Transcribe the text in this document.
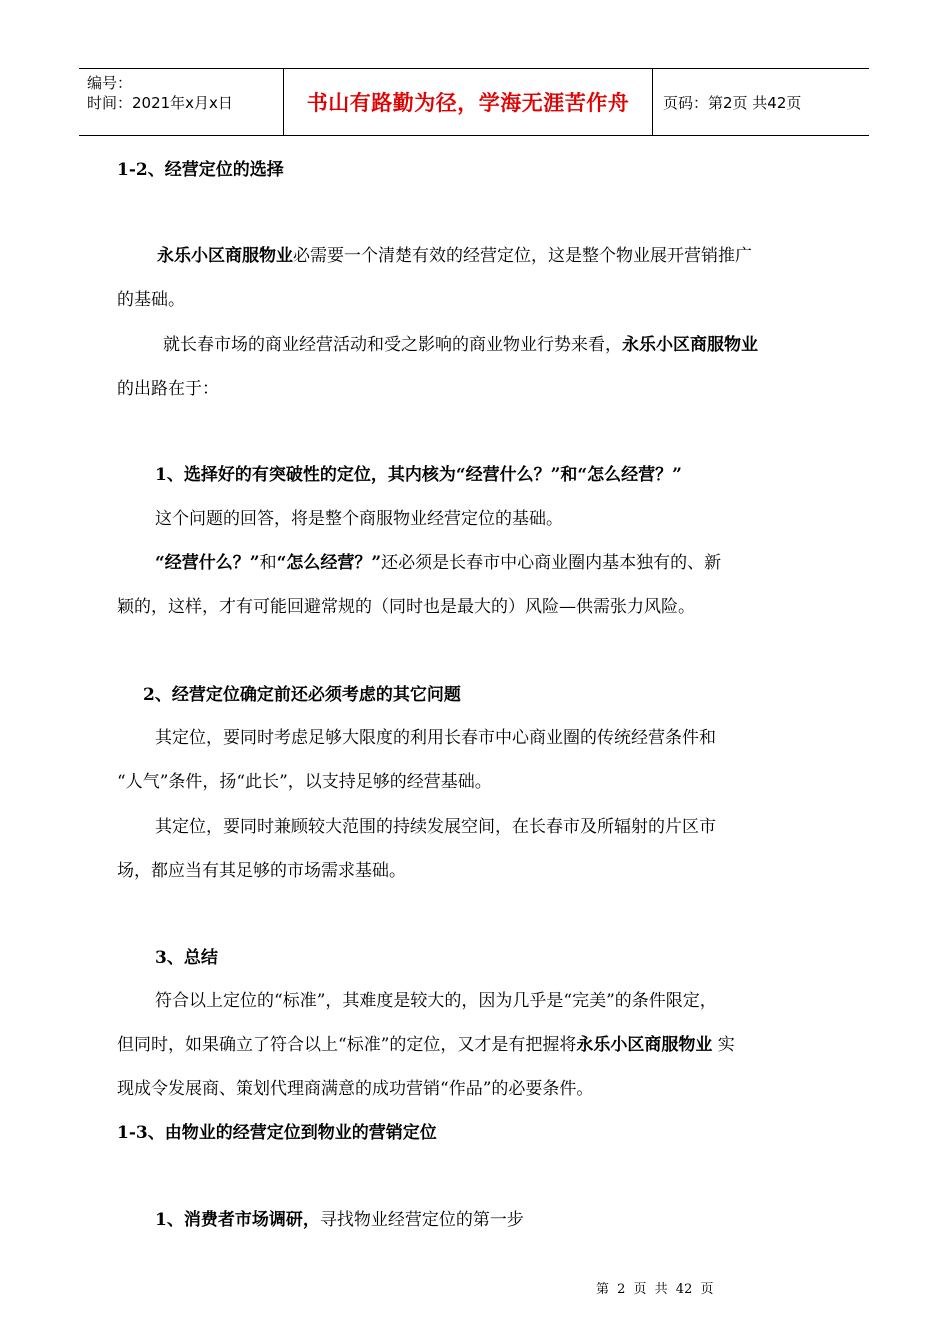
编号：
时间：2021年x月x日	书山有路勤为径，学海无涯苦作舟 页码：第2页 共42页
1-2、经营定位的选择
永乐小区商服物业必需要一个清楚有效的经营定位，这是整个物业展开营销推广
的基础。
就长春市场的商业经营活动和受之影响的商业物业行势来看，永乐小区商服物业
的出路在于：
1、选择好的有突破性的定位，其内核为“经营什么？”和“怎么经营？”
这个问题的回答，将是整个商服物业经营定位的基础。
“经营什么？”和“怎么经营？”还必须是长春市中心商业圈内基本独有的、新
颖的，这样，才有可能回避常规的（同时也是最大的）风险—供需张力风险。
2、经营定位确定前还必须考虑的其它问题
其定位，要同时考虑足够大限度的利用长春市中心商业圈的传统经营条件和
“人气”条件，扬“此长”，以支持足够的经营基础。
其定位，要同时兼顾较大范围的持续发展空间，在长春市及所辐射的片区市
场，都应当有其足够的市场需求基础。
3、总结
符合以上定位的“标准”，其难度是较大的，因为几乎是“完美”的条件限定，
但同时，如果确立了符合以上“标准”的定位，又才是有把握将永乐小区商服物业 实
现成令发展商、策划代理商满意的成功营销“作品”的必要条件。
1-3、由物业的经营定位到物业的营销定位
1、消费者市场调研，寻找物业经营定位的第一步
第 2 页 共 42 页
